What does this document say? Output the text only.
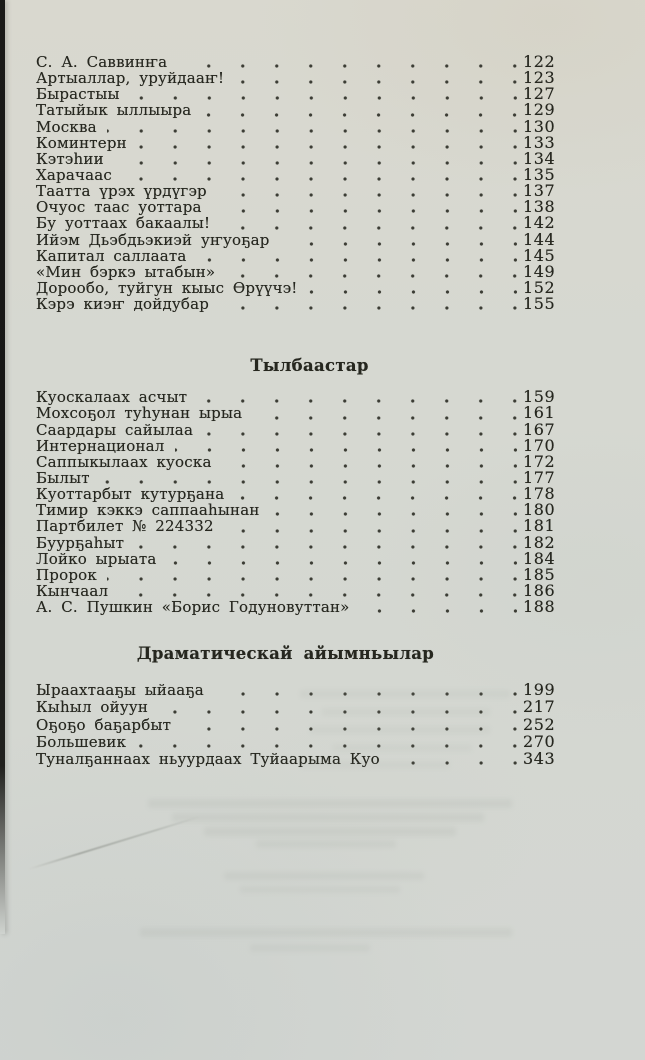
С. А. Саввинҥа	122
Артыаллар, уруйдааҥ!	123
Бырастыы	127
Татыйык ыллыыра	129
Москва	130
Коминтерн	133
Кэтэһии	134
Харачаас	135
Таатта үрэх үрдүгэр	137
Очуос таас уоттара	138
Бу уоттаах бакаалы!	142
Ийэм Дьэбдьэкиэй уҥуоҕар	144
Капитал саллаата	145
«Мин бэркэ ытабын»	149
Дорообо, туйгун кыыс Өрүүчэ!	152
Кэрэ киэҥ дойдубар	155
Тылбаастар
Куоскалаах асчыт	159
Мохсоҕол туһунан ырыа	161
Саардары сайылаа	167
Интернационал	170
Саппыкылаах куоска	172
Былыт	177
Куоттарбыт кутурҕана	178
Тимир кэккэ саппааһынан	180
Партбилет № 224332	181
Буурҕаһыт	182
Лойко ырыата	184
Пророк	185
Кынчаал	186
А. С. Пушкин «Борис Годуновуттан»	188
Драматическай айымньылар
Ыраахтааҕы ыйааҕа	199
Кыһыл ойуун	217
Оҕоҕо баҕарбыт	252
Большевик	270
Туналҕаннаах ньуурдаах Туйаарыма Куо	343
